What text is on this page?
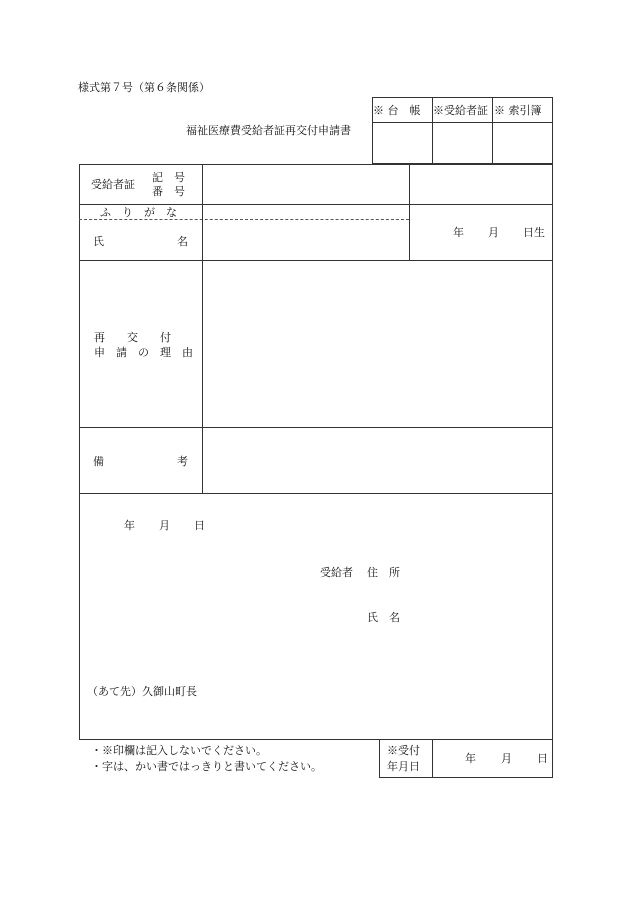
様式第７号（第６条関係）
福祉医療費受給者証再交付申請書
※ 台　帳 ※受給者証 ※ 索引簿
受給者証
記　号
番　号
ふ　り　が　な
氏	名
年 月 日生
再　　交　　付
申　請　の　理　由
備	考
年 月 日
受給者 住　所
氏　名
（あて先）久御山町長
・※印欄は記入しないでください。
・字は、かい書ではっきりと書いてください。
※受付
年月日
年 月 日
